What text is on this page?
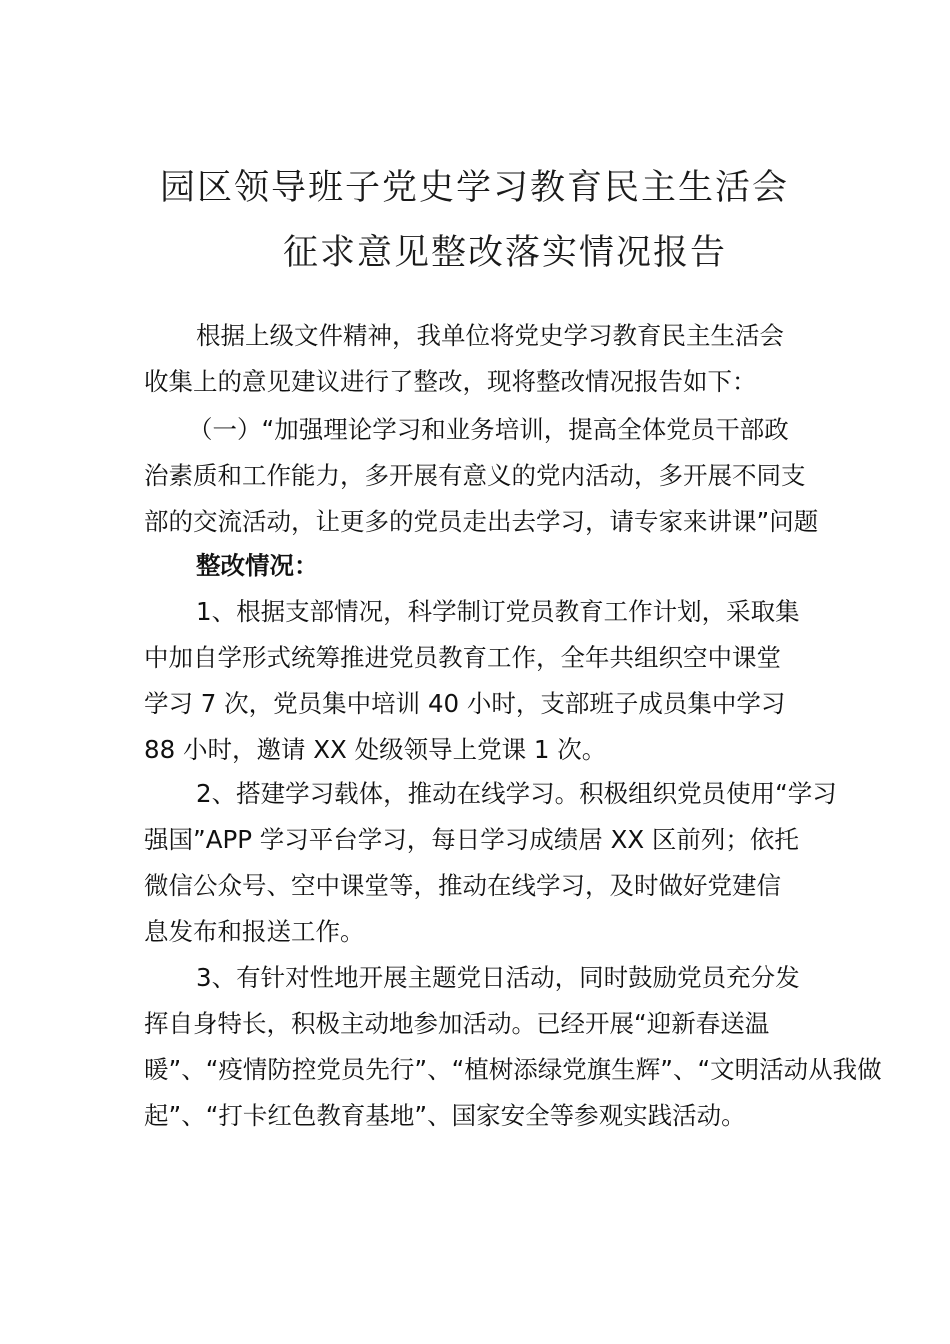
园区领导班子党史学习教育民主生活会
征求意见整改落实情况报告
根据上级文件精神，我单位将党史学习教育民主生活会
收集上的意见建议进行了整改，现将整改情况报告如下：
（一）“加强理论学习和业务培训，提高全体党员干部政
治素质和工作能力，多开展有意义的党内活动，多开展不同支
部的交流活动，让更多的党员走出去学习，请专家来讲课”问题
整改情况：
1、根据支部情况，科学制订党员教育工作计划，采取集
中加自学形式统筹推进党员教育工作，全年共组织空中课堂
学习 7 次，党员集中培训 40 小时，支部班子成员集中学习
88 小时，邀请 XX 处级领导上党课 1 次。
2、搭建学习载体，推动在线学习。积极组织党员使用“学习
强国”APP 学习平台学习，每日学习成绩居 XX 区前列；依托
微信公众号、空中课堂等，推动在线学习，及时做好党建信
息发布和报送工作。
3、有针对性地开展主题党日活动，同时鼓励党员充分发
挥自身特长，积极主动地参加活动。已经开展“迎新春送温
暖”、“疫情防控党员先行”、“植树添绿党旗生辉”、“文明活动从我做
起”、“打卡红色教育基地”、国家安全等参观实践活动。
